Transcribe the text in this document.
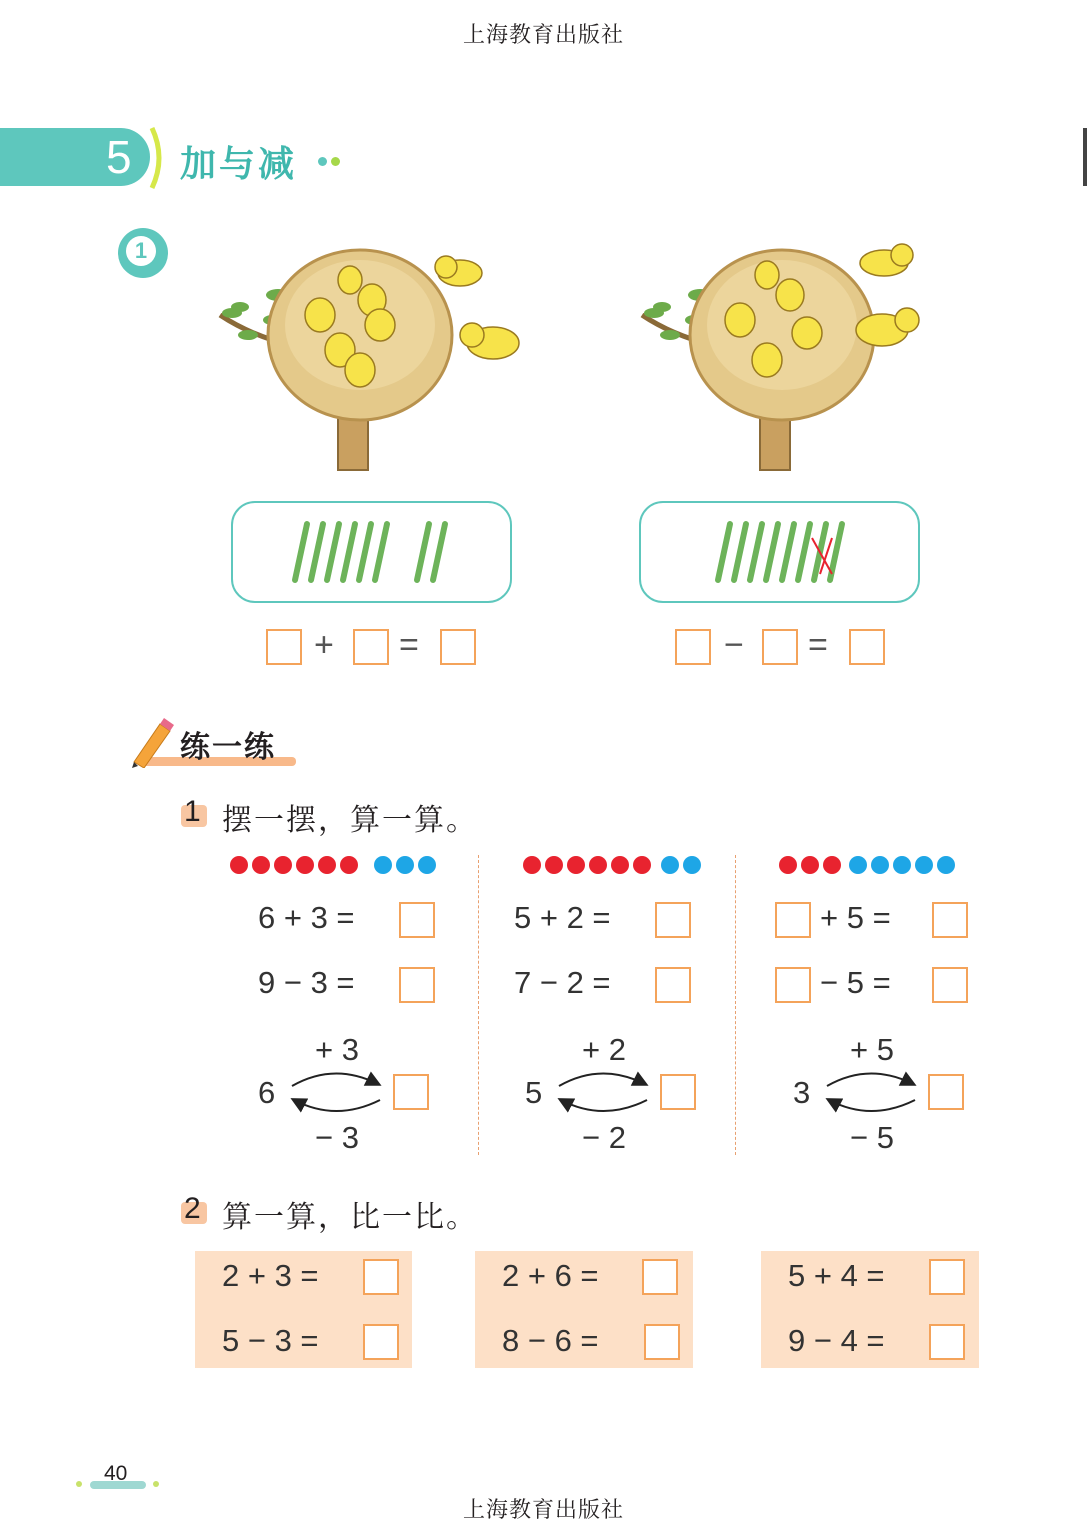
上海教育出版社
5 加与减
1
+ =	− =
练一练
1 摆一摆，算一算。
6 + 3 =
9 − 3 =
5 + 2 =
7 − 2 =
+ 5 =
− 5 =
+ 3
6
− 3
+ 2
5
− 2
+ 5
3
− 5
2 算一算，比一比。
2 + 3 =
5 − 3 =
2 + 6 =
8 − 6 =
5 + 4 =
9 − 4 =
40
上海教育出版社
